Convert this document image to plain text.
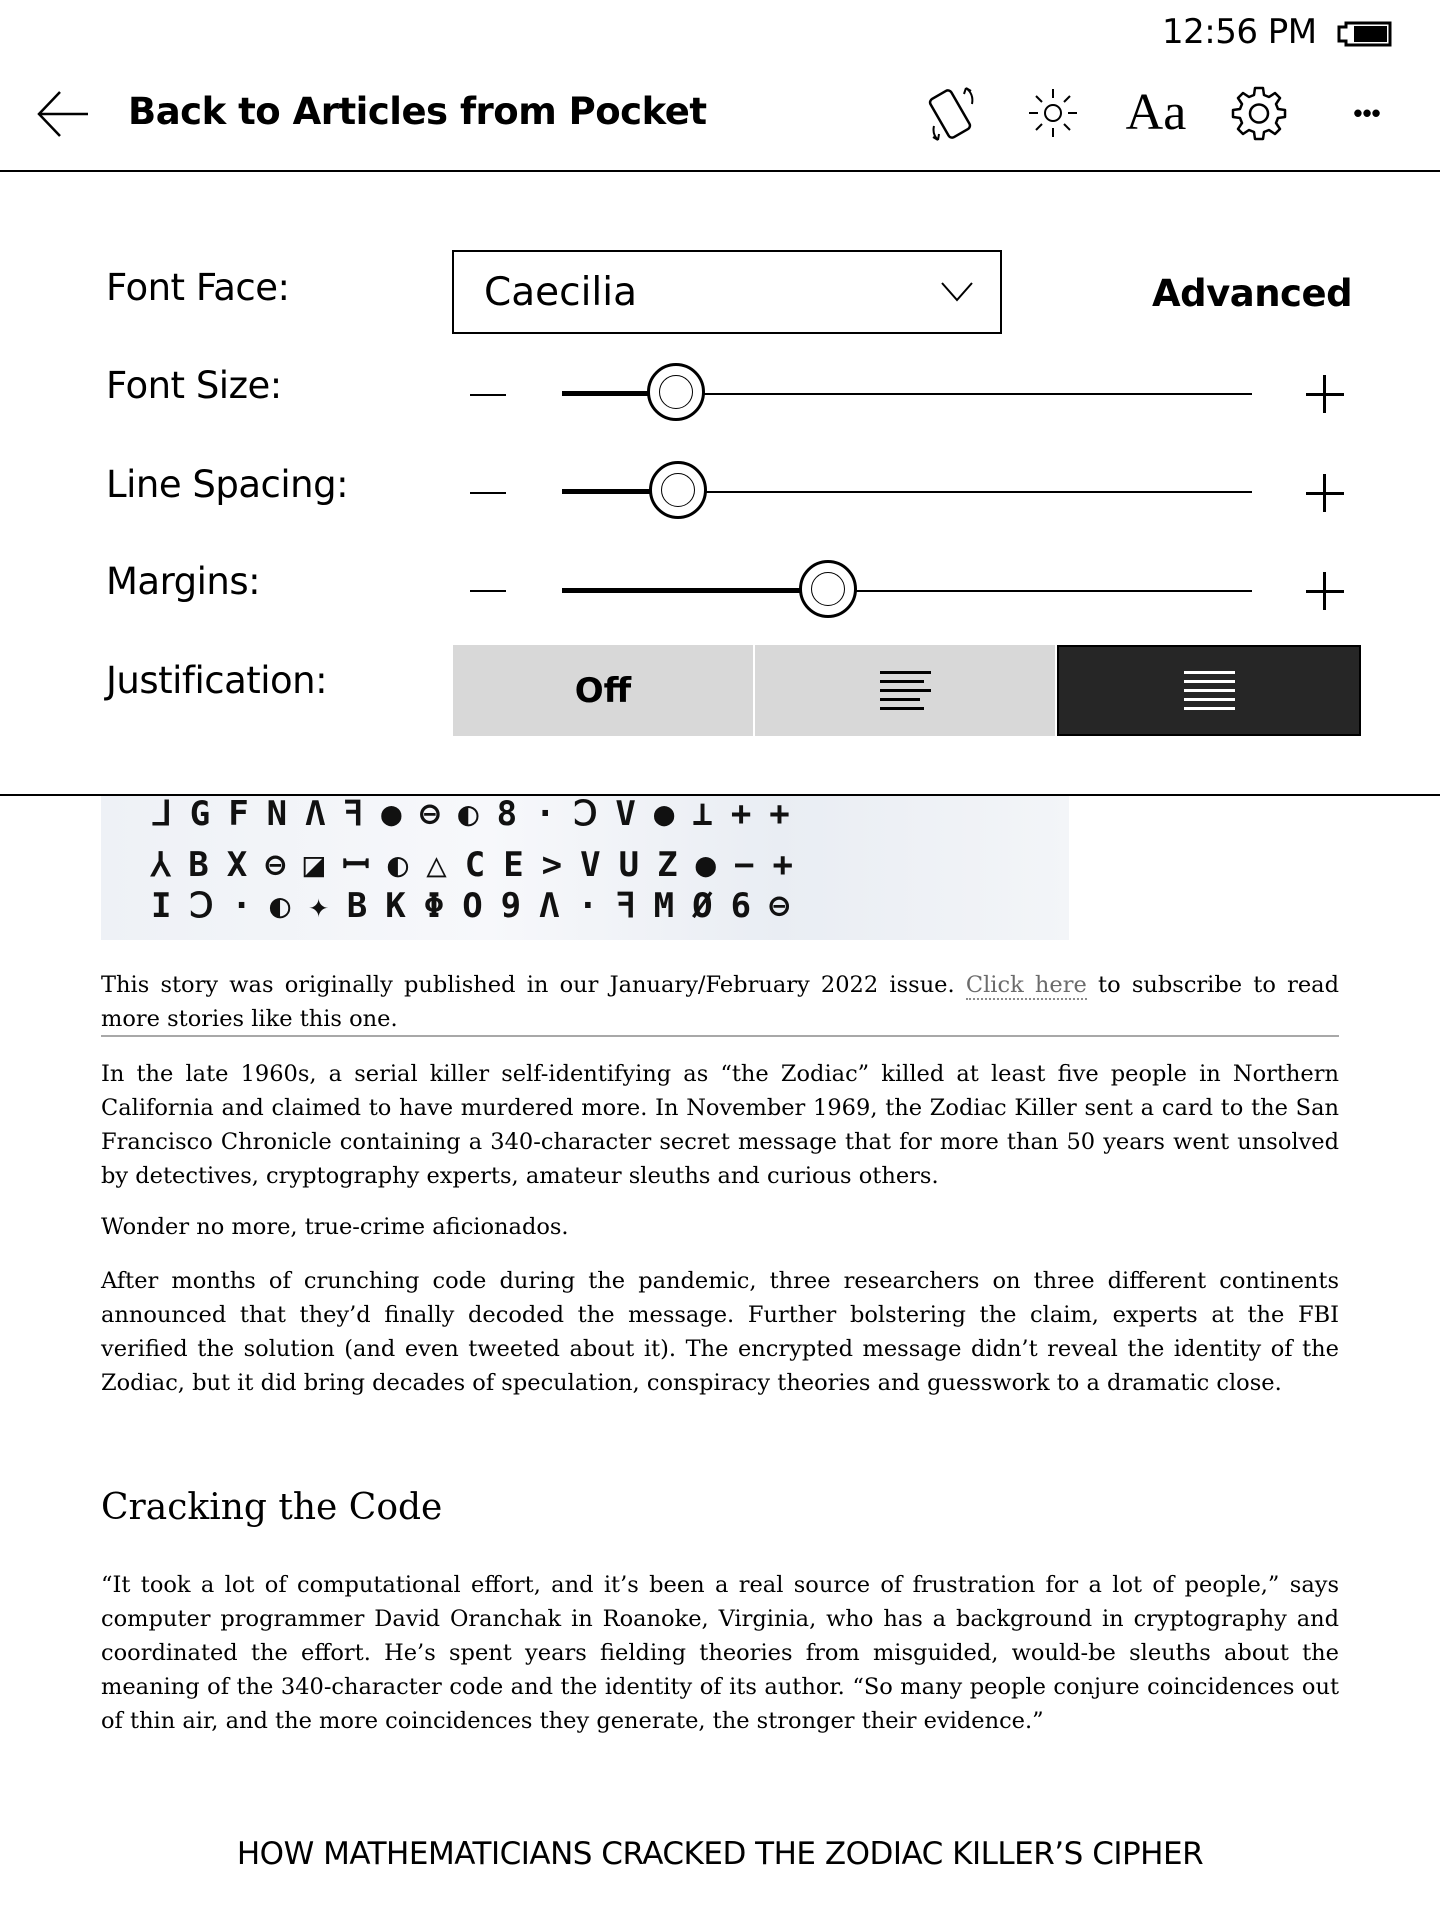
12:56 PM
Back to Articles from Pocket	Aa	•••
Font Face:	Caecilia	Advanced
Font Size:
Line Spacing:
Margins:
Justification:	Off
ᒧGFNΛꟻ●⊖◐8·ↃV●⊥++
⅄BX⊖◪ꟷ◐△CE>VUZ●−+
IↃ·◐✦BKΦO9Λ·ꟻMØ6⊖

This story was originally published in our January/February 2022 issue. Click here to subscribe to read more stories like this one.

In the late 1960s, a serial killer self-identifying as “the Zodiac” killed at least five people in Northern California and claimed to have murdered more. In November 1969, the Zodiac Killer sent a card to the San Francisco Chronicle containing a 340-character secret message that for more than 50 years went unsolved by detectives, cryptography experts, amateur sleuths and curious others.
Wonder no more, true-crime aficionados.
After months of crunching code during the pandemic, three researchers on three different continents announced that they’d finally decoded the message. Further bolstering the claim, experts at the FBI verified the solution (and even tweeted about it). The encrypted message didn’t reveal the identity of the Zodiac, but it did bring decades of speculation, conspiracy theories and guesswork to a dramatic close.
Cracking the Code
“It took a lot of computational effort, and it’s been a real source of frustration for a lot of people,” says computer programmer David Oranchak in Roanoke, Virginia, who has a background in cryptography and coordinated the effort. He’s spent years fielding theories from misguided, would-be sleuths about the meaning of the 340-character code and the identity of its author. “So many people conjure coincidences out of thin air, and the more coincidences they generate, the stronger their evidence.”
HOW MATHEMATICIANS CRACKED THE ZODIAC KILLER’S CIPHER
